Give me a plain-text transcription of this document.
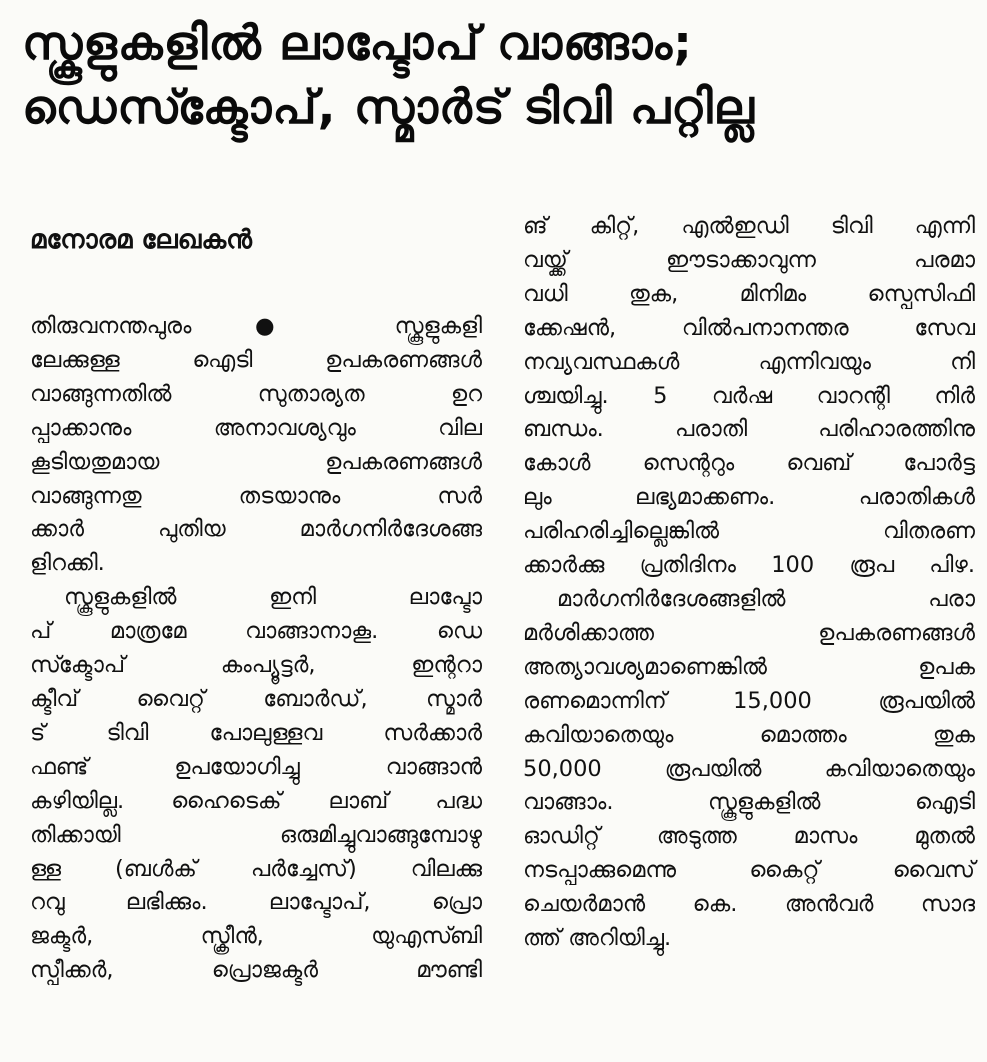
സ്കൂളുകളിൽ ലാപ്ടോപ് വാങ്ങാം;
ഡെസ്ക്ടോപ്, സ്മാർട് ടിവി പറ്റില്ല
മനോരമ ലേഖകൻ
തിരുവനന്തപുരം ● സ്കൂളുകളി
ലേക്കുള്ള ഐടി ഉപകരണങ്ങൾ
വാങ്ങുന്നതിൽ സുതാര്യത ഉറ
പ്പാക്കാനും അനാവശ്യവും വില
കൂടിയതുമായ ഉപകരണങ്ങൾ
വാങ്ങുന്നതു തടയാനും സർ
ക്കാർ പുതിയ മാർഗനിർദേശങ്ങ
ളിറക്കി.
സ്കൂളുകളിൽ ഇനി ലാപ്ടോ
പ് മാത്രമേ വാങ്ങാനാകൂ. ഡെ
സ്ക്ടോപ് കംപ്യൂട്ടർ, ഇന്ററാ
ക്ടീവ് വൈറ്റ് ബോർഡ്, സ്മാർ
ട് ടിവി പോലുള്ളവ സർക്കാർ
ഫണ്ട് ഉപയോഗിച്ചു വാങ്ങാൻ
കഴിയില്ല. ഹൈടെക് ലാബ് പദ്ധ
തിക്കായി ഒരുമിച്ചുവാങ്ങുമ്പോഴു
ള്ള (ബൾക് പർച്ചേസ്) വിലക്കു
റവു ലഭിക്കും. ലാപ്ടോപ്, പ്രൊ
ജക്ടർ, സ്ക്രീൻ, യുഎസ്ബി
സ്പീക്കർ, പ്രൊജക്ടർ മൗണ്ടി
ങ് കിറ്റ്, എൽഇഡി ടിവി എന്നി
വയ്ക്ക് ഈടാക്കാവുന്ന പരമാ
വധി തുക, മിനിമം സ്പെസിഫി
ക്കേഷൻ, വിൽപനാനന്തര സേവ
നവ്യവസ്ഥകൾ എന്നിവയും നി
ശ്ചയിച്ചു. 5 വർഷ വാറന്റി നിർ
ബന്ധം. പരാതി പരിഹാരത്തിനു
കോൾ സെന്ററും വെബ് പോർട്ട
ലും ലഭ്യമാക്കണം. പരാതികൾ
പരിഹരിച്ചില്ലെങ്കിൽ വിതരണ
ക്കാർക്കു പ്രതിദിനം 100 രൂപ പിഴ.
മാർഗനിർദേശങ്ങളിൽ പരാ
മർശിക്കാത്ത ഉപകരണങ്ങൾ
അത്യാവശ്യമാണെങ്കിൽ ഉപക
രണമൊന്നിന് 15,000 രൂപയിൽ
കവിയാതെയും മൊത്തം തുക
50,000 രൂപയിൽ കവിയാതെയും
വാങ്ങാം. സ്കൂളുകളിൽ ഐടി
ഓഡിറ്റ് അടുത്ത മാസം മുതൽ
നടപ്പാക്കുമെന്നു കൈറ്റ് വൈസ്
ചെയർമാൻ കെ. അൻവർ സാദ
ത്ത് അറിയിച്ചു.
